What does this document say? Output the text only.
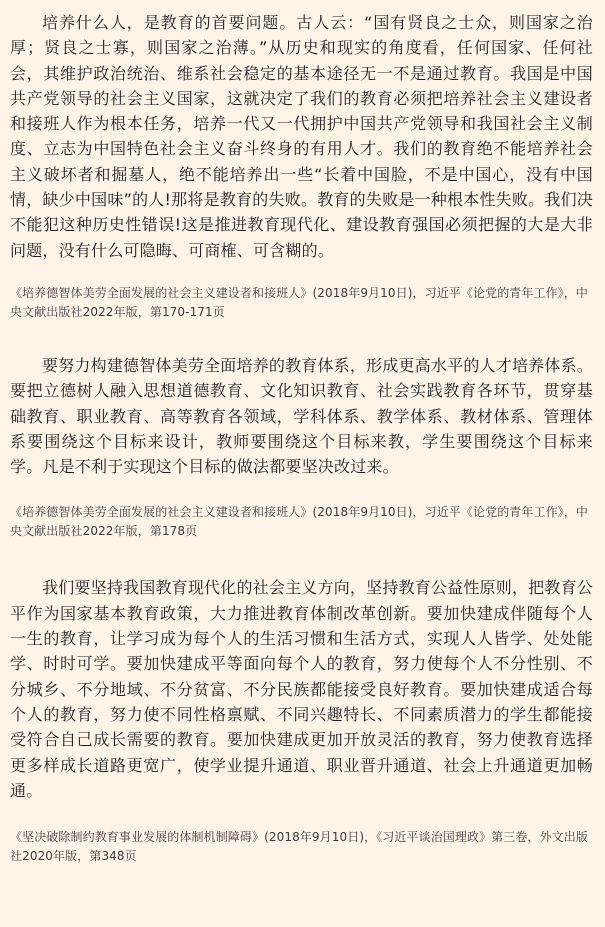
培养什么人，是教育的首要问题。古人云：“国有贤良之士众，则国家之治厚；贤良之士寡，则国家之治薄。”从历史和现实的角度看，任何国家、任何社会，其维护政治统治、维系社会稳定的基本途径无一不是通过教育。我国是中国共产党领导的社会主义国家，这就决定了我们的教育必须把培养社会主义建设者和接班人作为根本任务，培养一代又一代拥护中国共产党领导和我国社会主义制度、立志为中国特色社会主义奋斗终身的有用人才。我们的教育绝不能培养社会主义破坏者和掘墓人，绝不能培养出一些“长着中国脸，不是中国心，没有中国情，缺少中国味”的人!那将是教育的失败。教育的失败是一种根本性失败。我们决不能犯这种历史性错误!这是推进教育现代化、建设教育强国必须把握的大是大非问题，没有什么可隐晦、可商榷、可含糊的。

《培养德智体美劳全面发展的社会主义建设者和接班人》(2018年9月10日)，习近平《论党的青年工作》，中央文献出版社2022年版，第170-171页

要努力构建德智体美劳全面培养的教育体系，形成更高水平的人才培养体系。要把立德树人融入思想道德教育、文化知识教育、社会实践教育各环节，贯穿基础教育、职业教育、高等教育各领域，学科体系、教学体系、教材体系、管理体系要围绕这个目标来设计，教师要围绕这个目标来教，学生要围绕这个目标来学。凡是不利于实现这个目标的做法都要坚决改过来。

《培养德智体美劳全面发展的社会主义建设者和接班人》(2018年9月10日)，习近平《论党的青年工作》，中央文献出版社2022年版，第178页

我们要坚持我国教育现代化的社会主义方向，坚持教育公益性原则，把教育公平作为国家基本教育政策，大力推进教育体制改革创新。要加快建成伴随每个人一生的教育，让学习成为每个人的生活习惯和生活方式，实现人人皆学、处处能学、时时可学。要加快建成平等面向每个人的教育，努力使每个人不分性别、不分城乡、不分地域、不分贫富、不分民族都能接受良好教育。要加快建成适合每个人的教育，努力使不同性格禀赋、不同兴趣特长、不同素质潜力的学生都能接受符合自己成长需要的教育。要加快建成更加开放灵活的教育，努力使教育选择更多样成长道路更宽广，使学业提升通道、职业晋升通道、社会上升通道更加畅通。

《坚决破除制约教育事业发展的体制机制障碍》(2018年9月10日)，《习近平谈治国理政》第三卷，外文出版社2020年版，第348页
